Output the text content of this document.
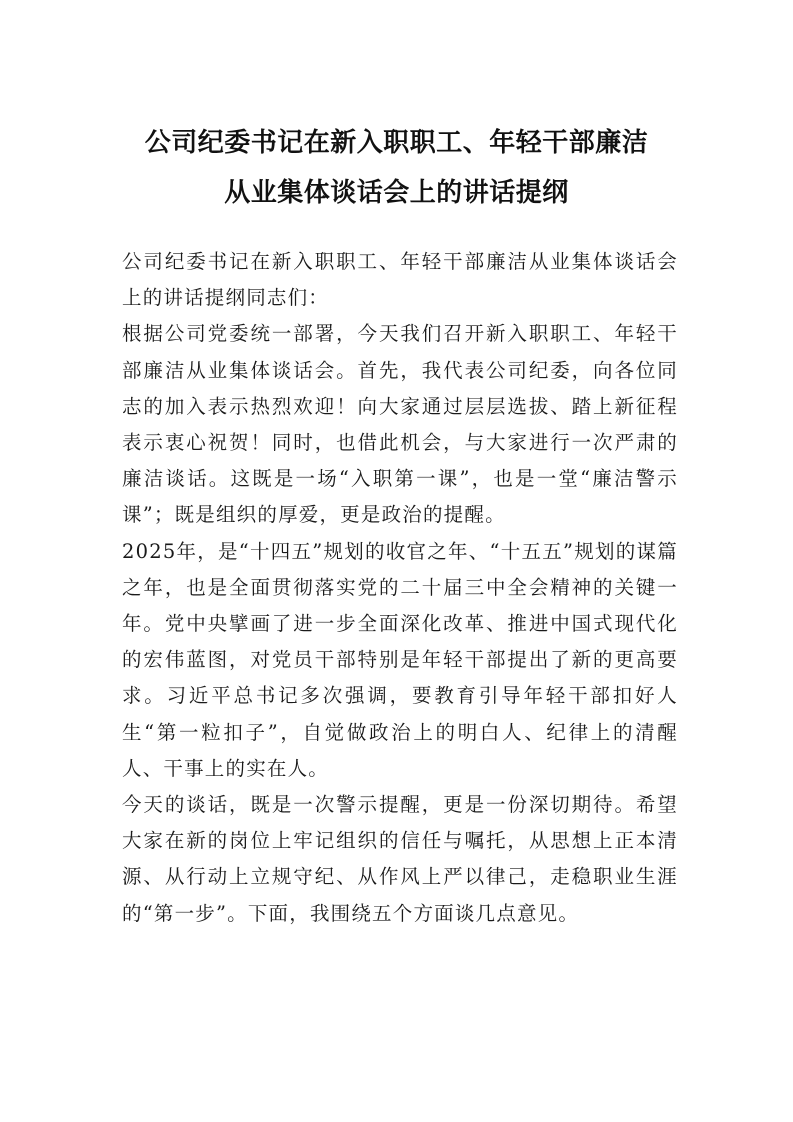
公司纪委书记在新入职职工、年轻干部廉洁
从业集体谈话会上的讲话提纲

公司纪委书记在新入职职工、年轻干部廉洁从业集体谈话会上的讲话提纲同志们：

根据公司党委统一部署，今天我们召开新入职职工、年轻干部廉洁从业集体谈话会。首先，我代表公司纪委，向各位同志的加入表示热烈欢迎！向大家通过层层选拔、踏上新征程表示衷心祝贺！同时，也借此机会，与大家进行一次严肃的廉洁谈话。这既是一场“入职第一课”，也是一堂“廉洁警示课”；既是组织的厚爱，更是政治的提醒。

2025年，是“十四五”规划的收官之年、“十五五”规划的谋篇之年，也是全面贯彻落实党的二十届三中全会精神的关键一年。党中央擘画了进一步全面深化改革、推进中国式现代化的宏伟蓝图，对党员干部特别是年轻干部提出了新的更高要求。习近平总书记多次强调，要教育引导年轻干部扣好人生“第一粒扣子”，自觉做政治上的明白人、纪律上的清醒人、干事上的实在人。

今天的谈话，既是一次警示提醒，更是一份深切期待。希望大家在新的岗位上牢记组织的信任与嘱托，从思想上正本清源、从行动上立规守纪、从作风上严以律己，走稳职业生涯的“第一步”。下面，我围绕五个方面谈几点意见。
